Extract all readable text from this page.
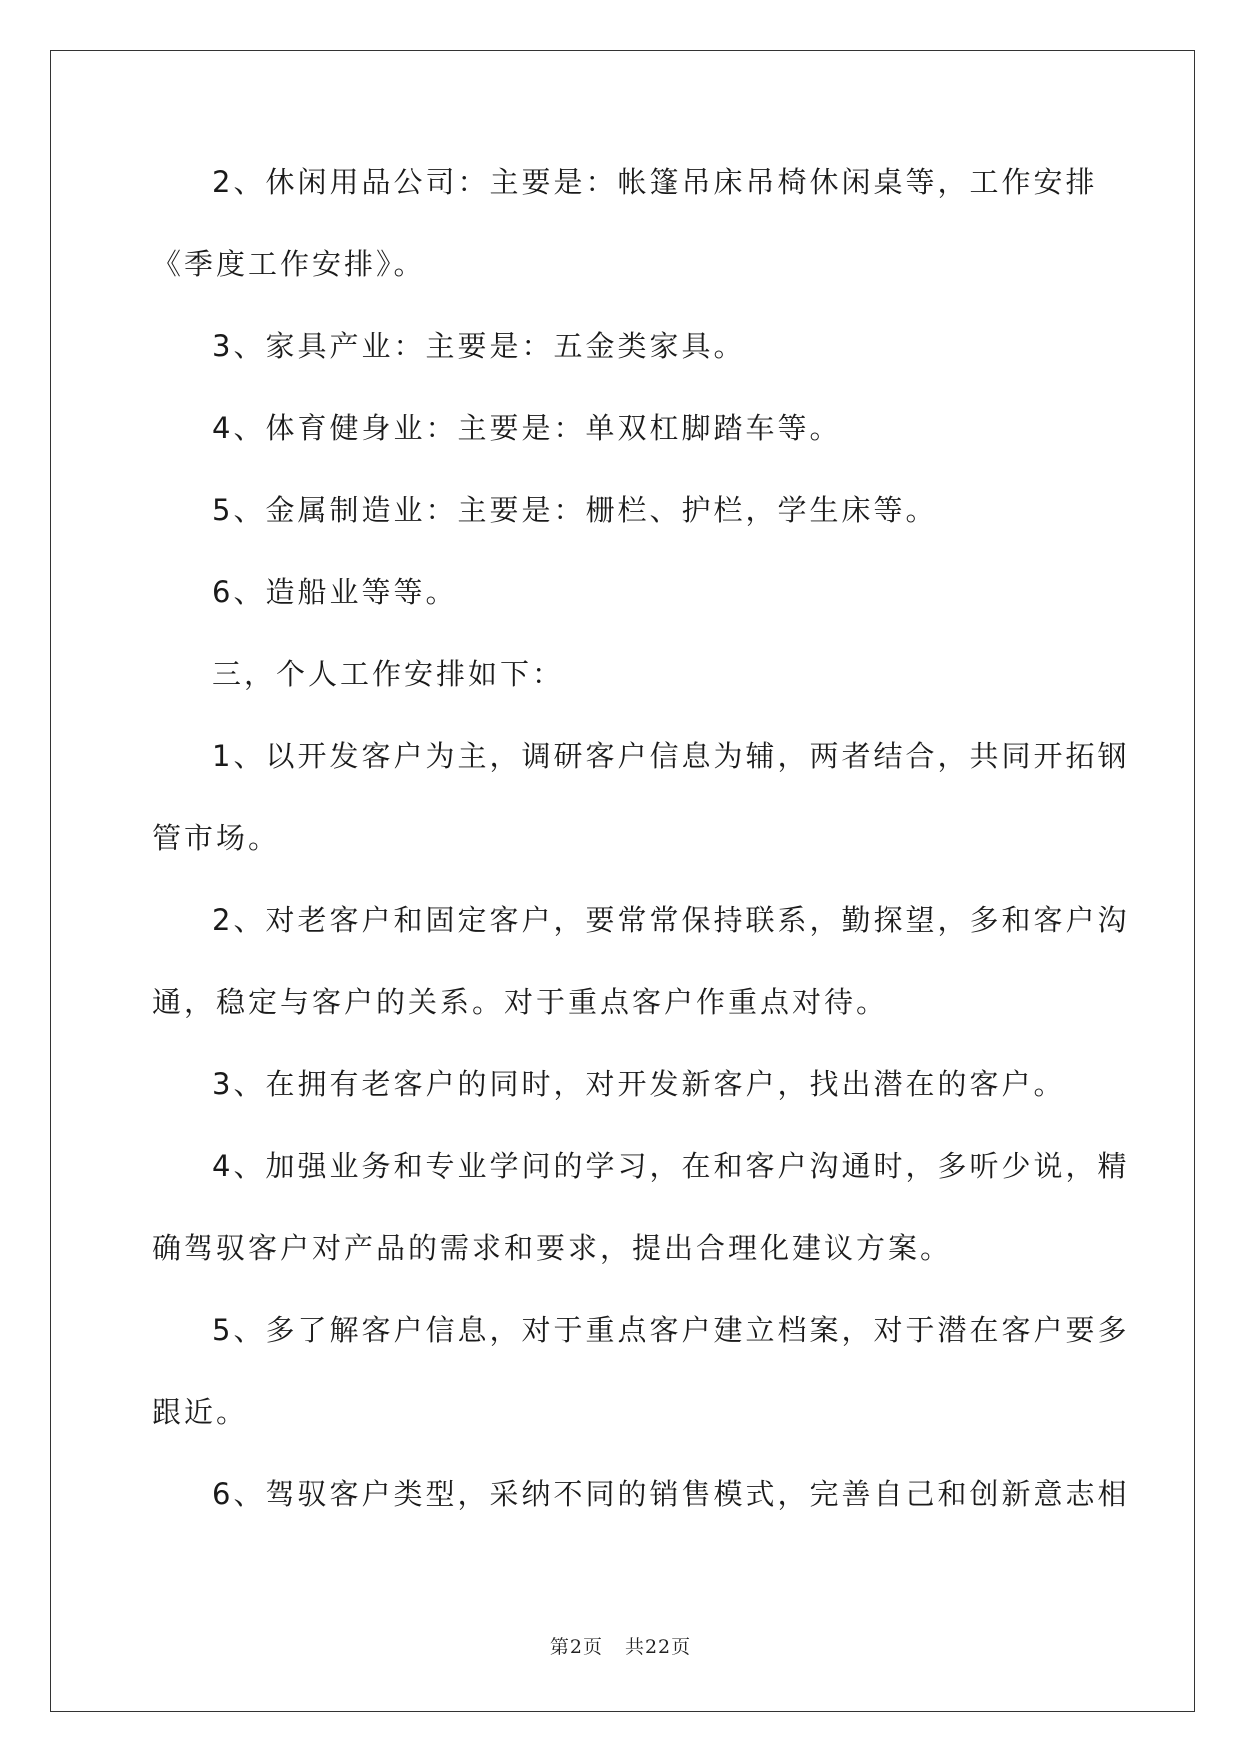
2、休闲用品公司：主要是：帐篷吊床吊椅休闲桌等，工作安排
《季度工作安排》。

3、家具产业：主要是：五金类家具。

4、体育健身业：主要是：单双杠脚踏车等。

5、金属制造业：主要是：栅栏、护栏，学生床等。

6、造船业等等。

三，个人工作安排如下：

1、以开发客户为主，调研客户信息为辅，两者结合，共同开拓钢
管市场。

2、对老客户和固定客户，要常常保持联系，勤探望，多和客户沟
通，稳定与客户的关系。对于重点客户作重点对待。

3、在拥有老客户的同时，对开发新客户，找出潜在的客户。

4、加强业务和专业学问的学习，在和客户沟通时，多听少说，精
确驾驭客户对产品的需求和要求，提出合理化建议方案。

5、多了解客户信息，对于重点客户建立档案，对于潜在客户要多
跟近。

6、驾驭客户类型，采纳不同的销售模式，完善自己和创新意志相

第2页 共22页
